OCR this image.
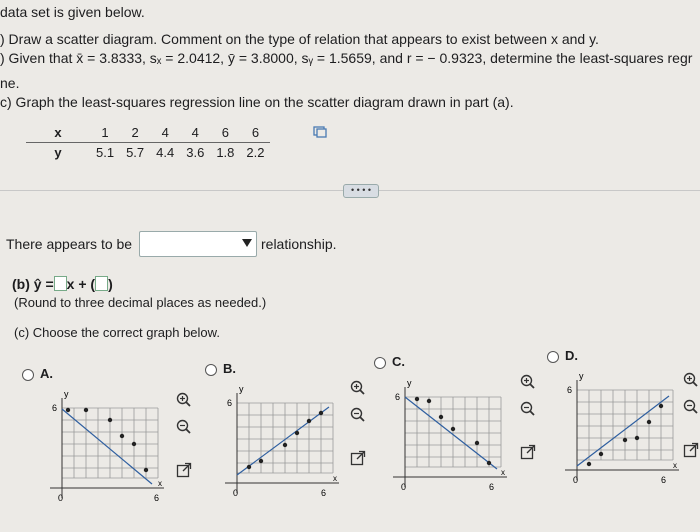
data set is given below.
) Draw a scatter diagram. Comment on the type of relation that appears to exist between x and y.
) Given that x̄ = 3.8333, sₓ = 2.0412, ȳ = 3.8000, sᵧ = 1.5659, and r = − 0.9323, determine the least-squares regr
ne.
c) Graph the least-squares regression line on the scatter diagram drawn in part (a).
x	1	2	4	4	6	6
y	5.1	5.7	4.4	3.6	1.8	2.2
• • • •
There appears to be	relationship.
(b) ŷ = x + ( )
(Round to three decimal places as needed.)
(c) Choose the correct graph below.
A.	B.	C.	D.
y
6
0	6
x
y
6
0	6
x
y
6
0	6
x
y
6
0	6
x
